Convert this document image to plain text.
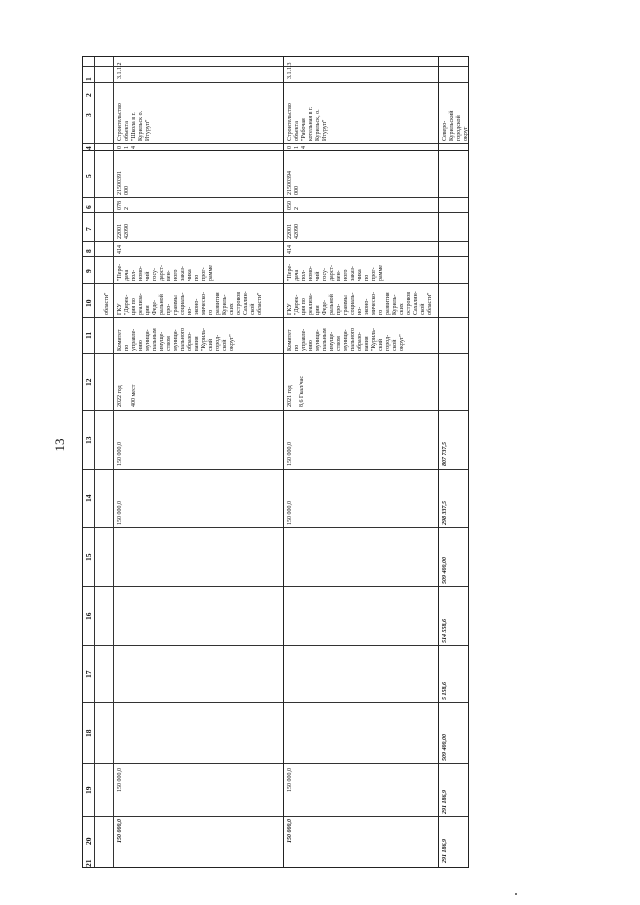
13
1
2
3
4
5
6
7
8
9
10
11
12
13
14
15
16
17
18
19
20
21
области"
3.1.1.2
Строительство объекта "Школа в г. Курильск о. Итуруп"
0 1 4
21500391 000
078 2
22001 42090
414
"Пере- дача пол- номо- чий госу- дарст- вен- ного заказ- чика по прог- рамме
ГКУ "Дирек- ция по реализа- ции Феде- ральной про- граммы социаль- но- эконо- мическо- го развития Куриль- ских островов Сахалин- ской области"
Комитет по управле- нию муници- пальным имуще- ством муници- пального образо- вания "Куриль- ский город- ской округ"
2022 год 400 мест
150 000,0
150 000,0
150 000,0
150 000,0
3.1.1.3
Строительство объекта "Рабочая котельная в г. Курильск, о. Итуруп"
0 1 4
21500394 000
050 2
22001 42090
414
"Пере- дача пол- номо- чий госу- дарст- вен- ного заказ- чика по прог- рамме
ГКУ "Дирек- ция по реализа- ции Феде- ральной про- граммы социаль- но- эконо- мическо- го развития Куриль- ских островов Сахалин- ской области"
Комитет по управле- нию муници- пальным имуще- ством муници- пального образо- вания "Куриль- ский город- ской округ"
2021 год 8,6 Гкал/час
150 000,0
150 000,0
150 000,0
150 000,0
Северо- Курильский городской округ
807 737,5
298 337,5
509 400,00
514 558,6
5 158,6
509 400,00
291 186,9
291 186,9
